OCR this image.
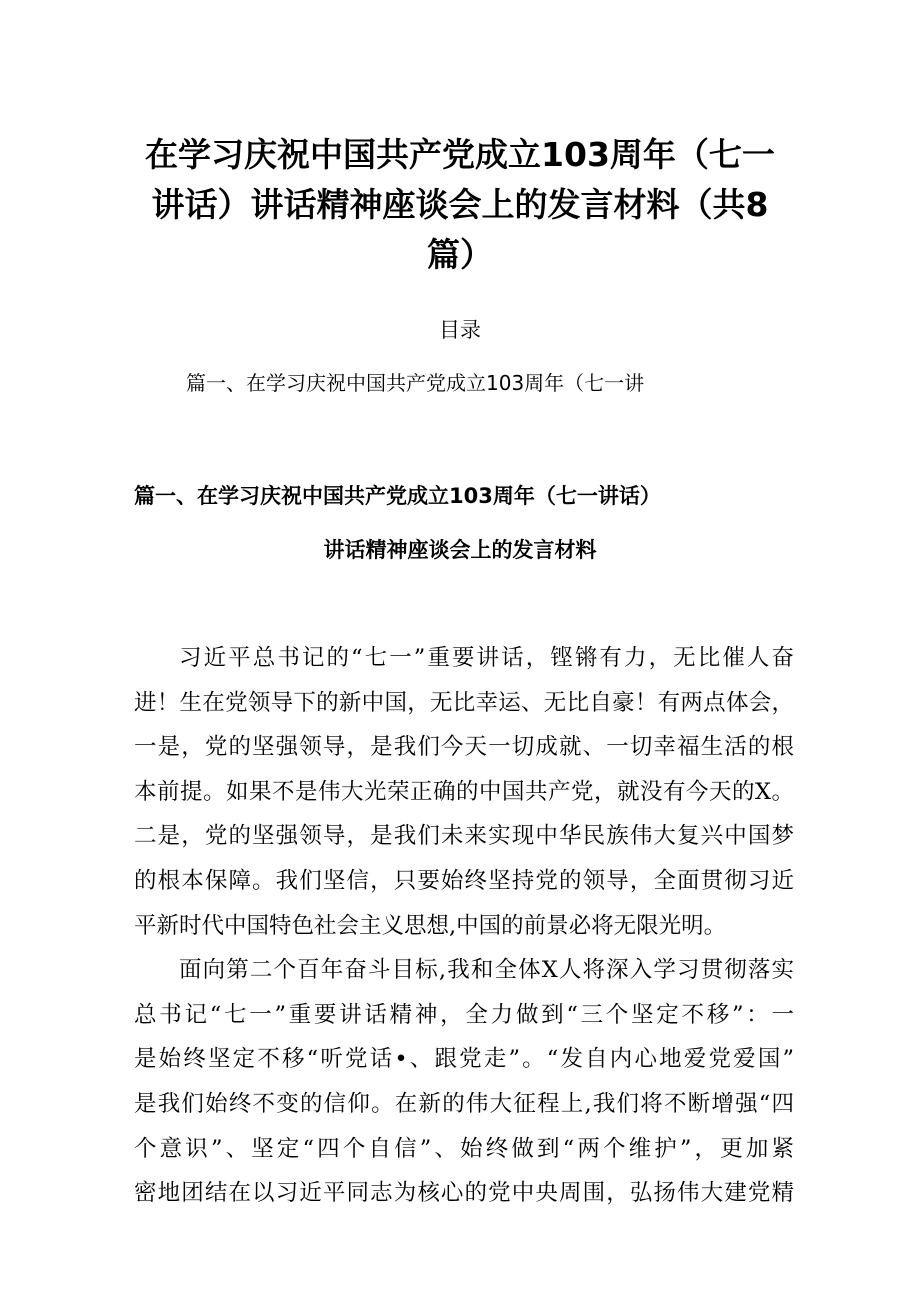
在学习庆祝中国共产党成立103周年（七一
讲话）讲话精神座谈会上的发言材料（共8
篇）
目录
篇一、在学习庆祝中国共产党成立103周年（七一讲
篇一、在学习庆祝中国共产党成立103周年（七一讲话）
讲话精神座谈会上的发言材料
习近平总书记的“七一”重要讲话，铿锵有力，无比催人奋
进！生在党领导下的新中国，无比幸运、无比自豪！有两点体会，
一是，党的坚强领导，是我们今天一切成就、一切幸福生活的根
本前提。如果不是伟大光荣正确的中国共产党，就没有今天的X。
二是，党的坚强领导，是我们未来实现中华民族伟大复兴中国梦
的根本保障。我们坚信，只要始终坚持党的领导，全面贯彻习近
平新时代中国特色社会主义思想,中国的前景必将无限光明。
面向第二个百年奋斗目标,我和全体X人将深入学习贯彻落实
总书记“七一”重要讲话精神，全力做到“三个坚定不移”：一
是始终坚定不移“听党话•、跟党走”。“发自内心地爱党爱国”
是我们始终不变的信仰。在新的伟大征程上,我们将不断增强“四
个意识”、坚定“四个自信”、始终做到“两个维护”，更加紧
密地团结在以习近平同志为核心的党中央周围，弘扬伟大建党精
